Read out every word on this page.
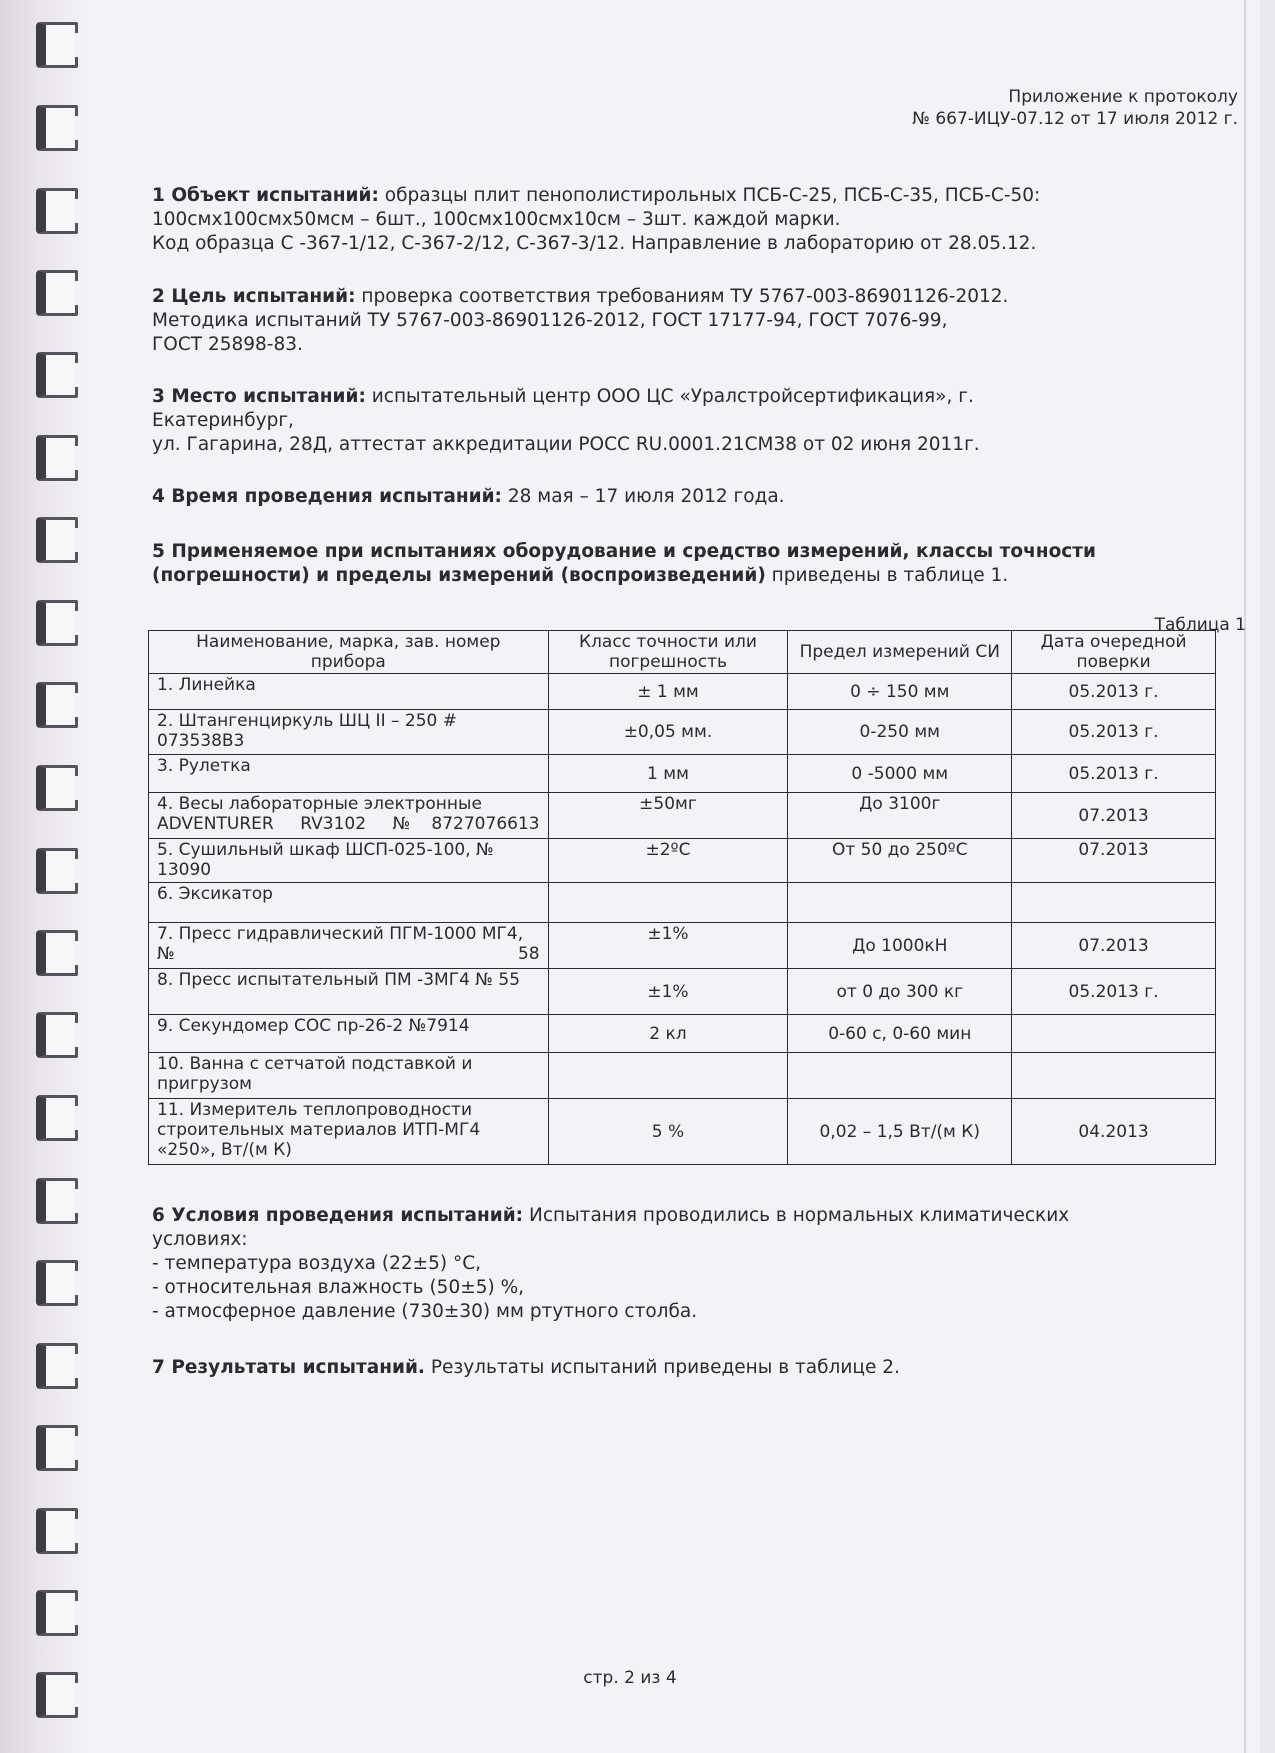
Приложение к протоколу
№ 667-ИЦУ-07.12 от 17 июля 2012 г.

1 Объект испытаний: образцы плит пенополистирольных ПСБ-С-25, ПСБ-С-35, ПСБ-С-50:

100смх100смх50мсм – 6шт., 100смх100смх10см – 3шт. каждой марки.

Код образца С -367-1/12, С-367-2/12, С-367-3/12. Направление в лабораторию от 28.05.12.

2 Цель испытаний: проверка соответствия требованиям ТУ 5767-003-86901126-2012.

Методика испытаний ТУ 5767-003-86901126-2012, ГОСТ 17177-94, ГОСТ 7076-99,

ГОСТ 25898-83.

3 Место испытаний: испытательный центр ООО ЦС «Уралстройсертификация», г.

Екатеринбург,

ул. Гагарина, 28Д, аттестат аккредитации РОСС RU.0001.21СМ38 от 02 июня 2011г.

4 Время проведения испытаний: 28 мая – 17 июля 2012 года.

5 Применяемое при испытаниях оборудование и средство измерений, классы точности (погрешности) и пределы измерений (воспроизведений) приведены в таблице 1.

Таблица 1
Наименование, марка, зав. номер прибора	Класс точности или погрешность	Предел измерений СИ	Дата очередной поверки
1. Линейка	± 1 мм	0 ÷ 150 мм	05.2013 г.
2. Штангенциркуль ШЦ II – 250 # 073538В3	±0,05 мм.	0-250 мм	05.2013 г.
3. Рулетка	1 мм	0 -5000 мм	05.2013 г.
4. Весы лабораторные электронные ADVENTURER RV3102 №8727076613	±50мг	До 3100г	07.2013
5. Сушильный шкаф ШСП-025-100, № 13090	±2ºС	От 50 до 250ºС	07.2013
6. Эксикатор			
7. Пресс гидравлический ПГМ-1000 МГ4, № 58	±1%	До 1000кН	07.2013
8. Пресс испытательный ПМ -3МГ4 № 55	±1%	от 0 до 300 кг	05.2013 г.
9. Секундомер СОС пр-26-2 №7914	2 кл	0-60 с, 0-60 мин	
10. Ванна с сетчатой подставкой и пригрузом			
11. Измеритель теплопроводности строительных материалов ИТП-МГ4 «250», Вт/(м К)	5 %	0,02 – 1,5 Вт/(м К)	04.2013

6 Условия проведения испытаний: Испытания проводились в нормальных климатических

условиях:

- температура воздуха (22±5) °С,

- относительная влажность (50±5) %,

- атмосферное давление (730±30) мм ртутного столба.

7 Результаты испытаний. Результаты испытаний приведены в таблице 2.

стр. 2 из 4
